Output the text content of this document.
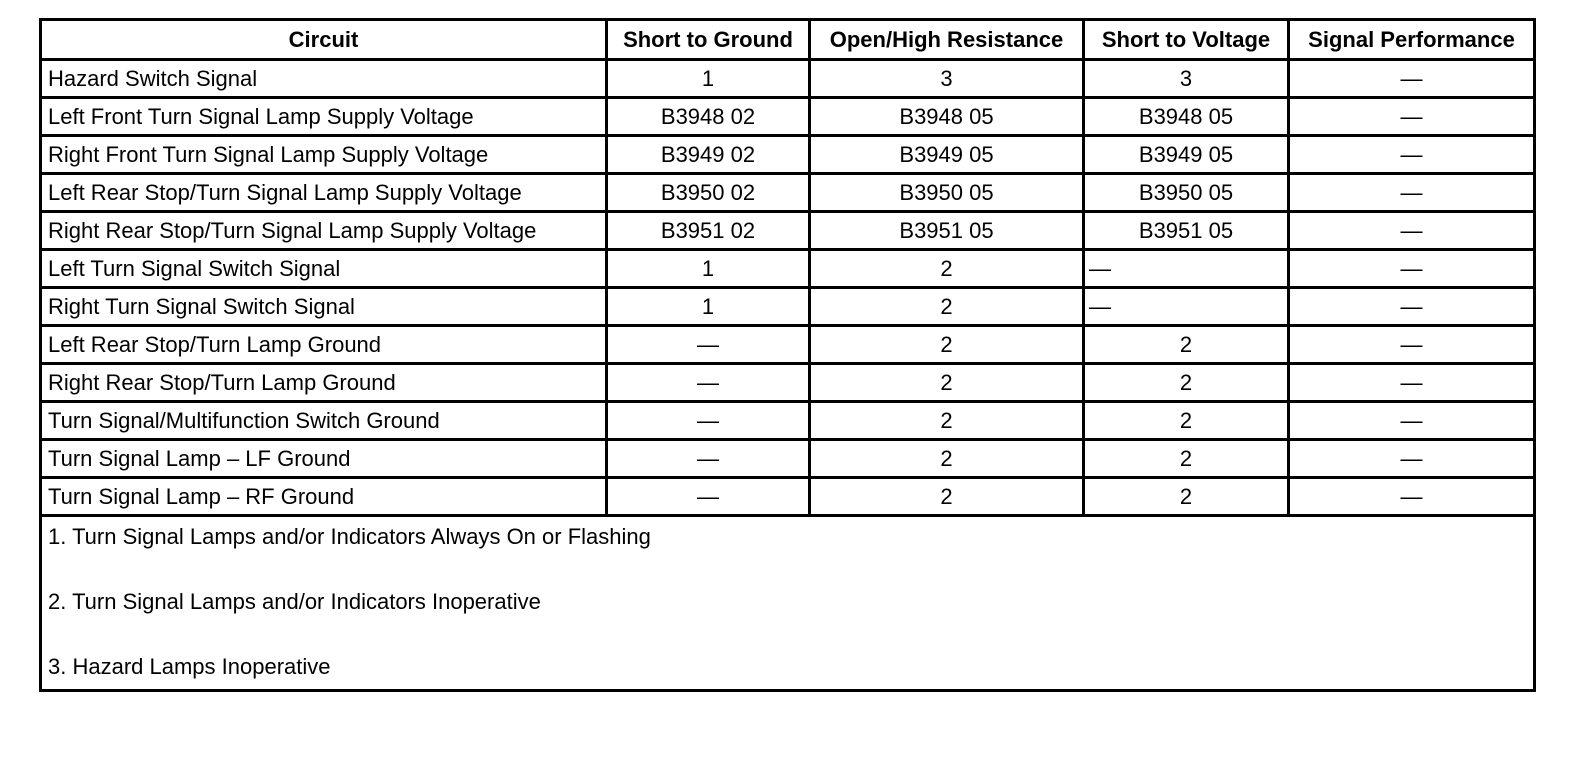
Circuit	Short to Ground	Open/High Resistance	Short to Voltage	Signal Performance
Hazard Switch Signal	1	3	3	—
Left Front Turn Signal Lamp Supply Voltage	B3948 02	B3948 05	B3948 05	—
Right Front Turn Signal Lamp Supply Voltage	B3949 02	B3949 05	B3949 05	—
Left Rear Stop/Turn Signal Lamp Supply Voltage	B3950 02	B3950 05	B3950 05	—
Right Rear Stop/Turn Signal Lamp Supply Voltage	B3951 02	B3951 05	B3951 05	—
Left Turn Signal Switch Signal	1	2	—	—
Right Turn Signal Switch Signal	1	2	—	—
Left Rear Stop/Turn Lamp Ground	—	2	2	—
Right Rear Stop/Turn Lamp Ground	—	2	2	—
Turn Signal/Multifunction Switch Ground	—	2	2	—
Turn Signal Lamp – LF Ground	—	2	2	—
Turn Signal Lamp – RF Ground	—	2	2	—

1. Turn Signal Lamps and/or Indicators Always On or Flashing
2. Turn Signal Lamps and/or Indicators Inoperative
3. Hazard Lamps Inoperative				
